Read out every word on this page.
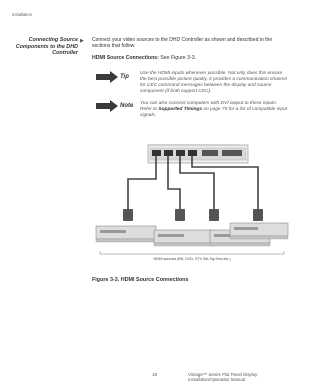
Installation
Connecting Source Components to the DHD Controller
▶ Connect your video sources to the DHD Controller as shown and described in the sections that follow.
HDMI Source Connections: See Figure 3-3.
Tip
Use the HDMI inputs whenever possible. Not only does this ensure the best possible picture quality, it provides a communication channel for CEC command messages between the display and source component (if both support CEC).
Note You can also connect computers with DVI output to these inputs. Refer to Supported Timings on page 75 for a list of compatible input signals.
HDMI sources (BD, DVD, STV Set-Top Box etc.)
Figure 3-3. HDMI Source Connections
18	Vintage™ Series Flat Panel Display Installation/Operation Manual
